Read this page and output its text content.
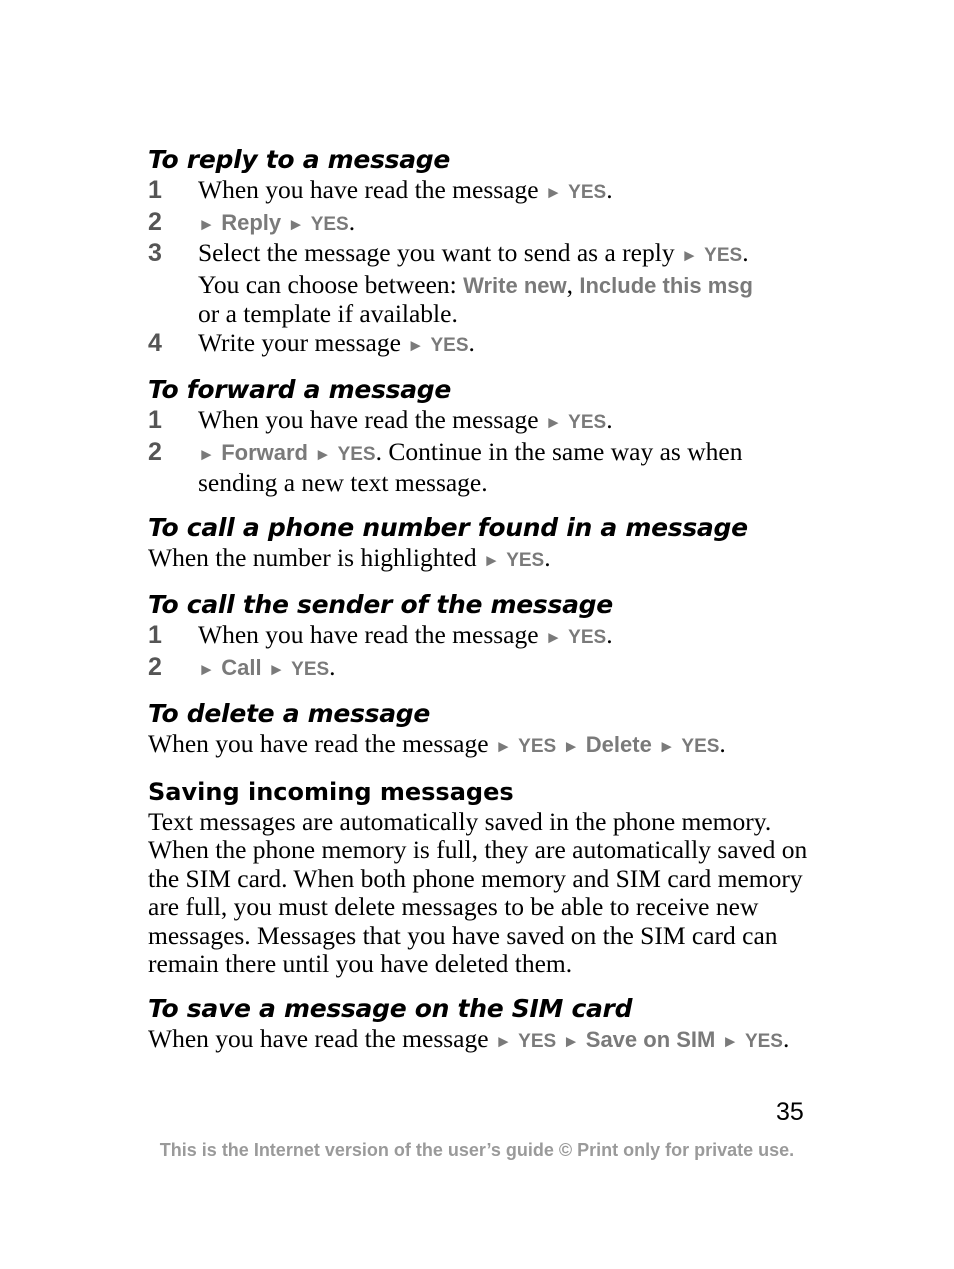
To reply to a message
1	When you have read the message ► YES.
2	► Reply ► YES.
3	Select the message you want to send as a reply ► YES.
You can choose between: Write new, Include this msg
or a template if available.
4	Write your message ► YES.
To forward a message
1	When you have read the message ► YES.
2	► Forward ► YES. Continue in the same way as when sending a new text message.
To call a phone number found in a message

When the number is highlighted ► YES.

To call the sender of the message
1	When you have read the message ► YES.
2	► Call ► YES.
To delete a message

When you have read the message ► YES ► Delete ► YES.

Saving incoming messages

Text messages are automatically saved in the phone memory. When the phone memory is full, they are automatically saved on the SIM card. When both phone memory and SIM card memory are full, you must delete messages to be able to receive new messages. Messages that you have saved on the SIM card can remain there until you have deleted them.

To save a message on the SIM card

When you have read the message ► YES ► Save on SIM ► YES.

35
This is the Internet version of the user’s guide © Print only for private use.
